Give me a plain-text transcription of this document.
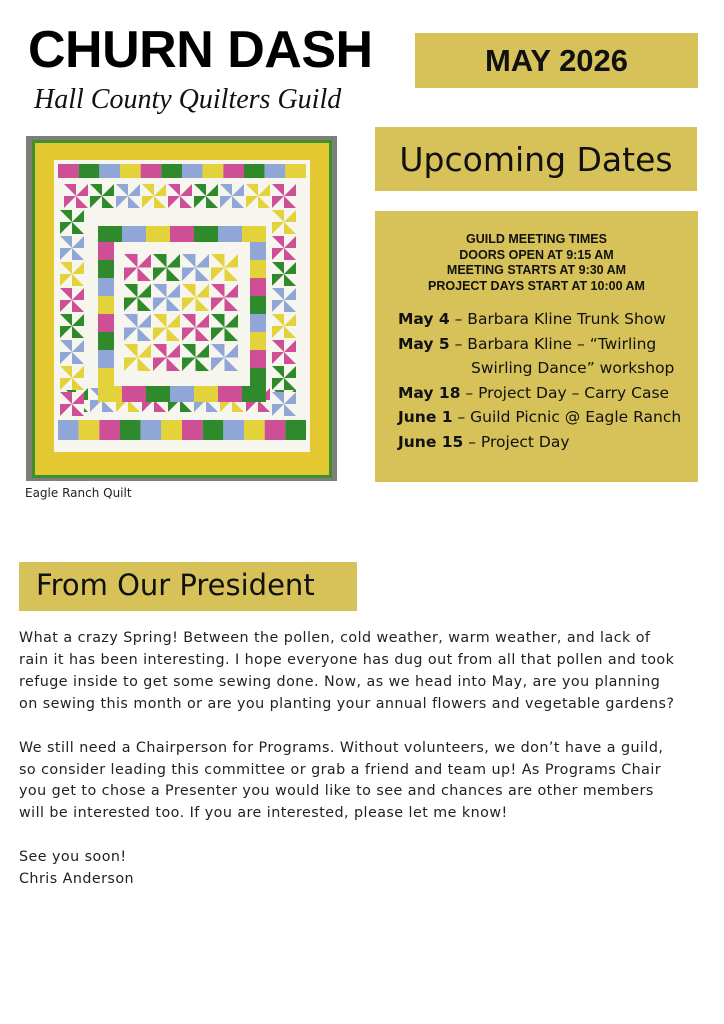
CHURN DASH
Hall County Quilters Guild
MAY 2026
Eagle Ranch Quilt
Upcoming Dates
GUILD MEETING TIMES
DOORS OPEN AT 9:15 AM
MEETING STARTS AT 9:30 AM
PROJECT DAYS START AT 10:00 AM
May 4 – Barbara Kline Trunk Show
May 5 – Barbara Kline – “Twirling
Swirling Dance” workshop
May 18 – Project Day – Carry Case
June 1 – Guild Picnic @ Eagle Ranch
June 15 – Project Day
From Our President

What a crazy Spring! Between the pollen, cold weather, warm weather, and lack of

rain it has been interesting. I hope everyone has dug out from all that pollen and took

refuge inside to get some sewing done. Now, as we head into May, are you planning

on sewing this month or are you planting your annual flowers and vegetable gardens?

We still need a Chairperson for Programs. Without volunteers, we don’t have a guild,

so consider leading this committee or grab a friend and team up! As Programs Chair

you get to chose a Presenter you would like to see and chances are other members

will be interested too. If you are interested, please let me know!

See you soon!

Chris Anderson
